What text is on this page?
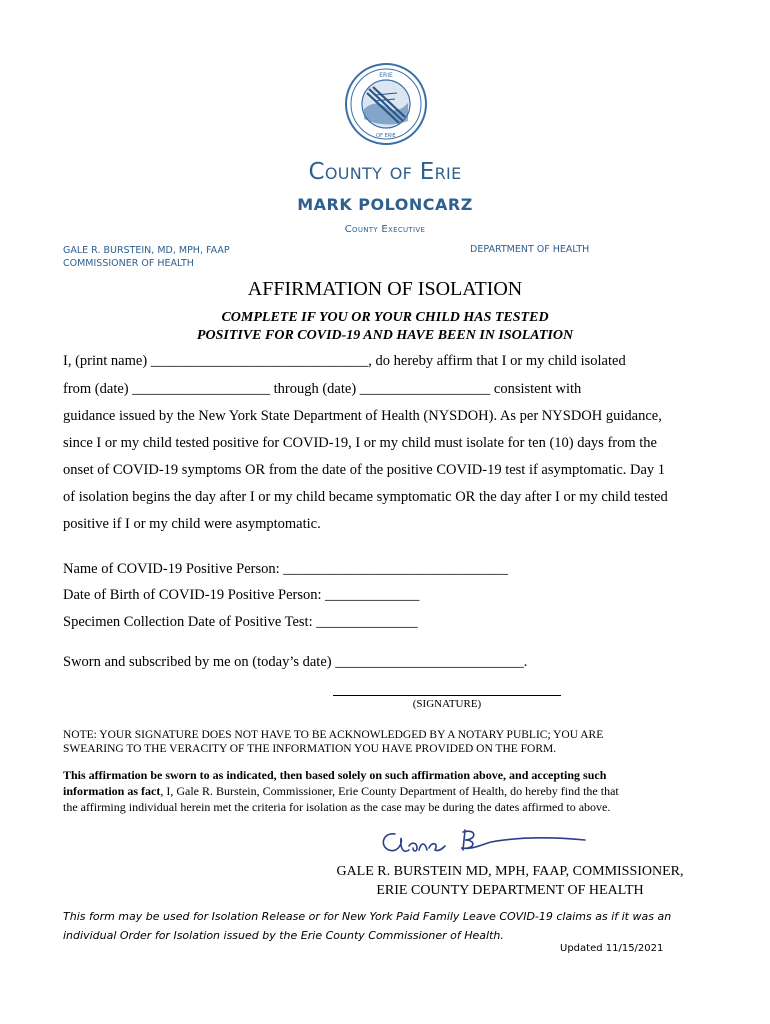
ERIE
OF ERIE
County of Erie
MARK POLONCARZ
County Executive
GALE R. BURSTEIN, MD, MPH, FAAP
COMMISSIONER OF HEALTH
DEPARTMENT OF HEALTH
AFFIRMATION OF ISOLATION
COMPLETE IF YOU OR YOUR CHILD HAS TESTED
POSITIVE FOR COVID-19 AND HAVE BEEN IN ISOLATION
I, (print name) ______________________________, do hereby affirm that I or my child isolated
from (date) ___________________ through (date) __________________ consistent with
guidance issued by the New York State Department of Health (NYSDOH). As per NYSDOH guidance,
since I or my child tested positive for COVID-19, I or my child must isolate for ten (10) days from the
onset of COVID-19 symptoms OR from the date of the positive COVID-19 test if asymptomatic. Day 1
of isolation begins the day after I or my child became symptomatic OR the day after I or my child tested
positive if I or my child were asymptomatic.
Name of COVID-19 Positive Person: _______________________________
Date of Birth of COVID-19 Positive Person: _____________
Specimen Collection Date of Positive Test: ______________
Sworn and subscribed by me on (today’s date) __________________________.
(SIGNATURE)
NOTE: YOUR SIGNATURE DOES NOT HAVE TO BE ACKNOWLEDGED BY A NOTARY PUBLIC; YOU ARE
SWEARING TO THE VERACITY OF THE INFORMATION YOU HAVE PROVIDED ON THE FORM.
This affirmation be sworn to as indicated, then based solely on such affirmation above, and accepting such
information as fact, I, Gale R. Burstein, Commissioner, Erie County Department of Health, do hereby find the that
the affirming individual herein met the criteria for isolation as the case may be during the dates affirmed to above.
GALE R. BURSTEIN MD, MPH, FAAP, COMMISSIONER,
ERIE COUNTY DEPARTMENT OF HEALTH
This form may be used for Isolation Release or for New York Paid Family Leave COVID-19 claims as if it was an
individual Order for Isolation issued by the Erie County Commissioner of Health.
Updated 11/15/2021
